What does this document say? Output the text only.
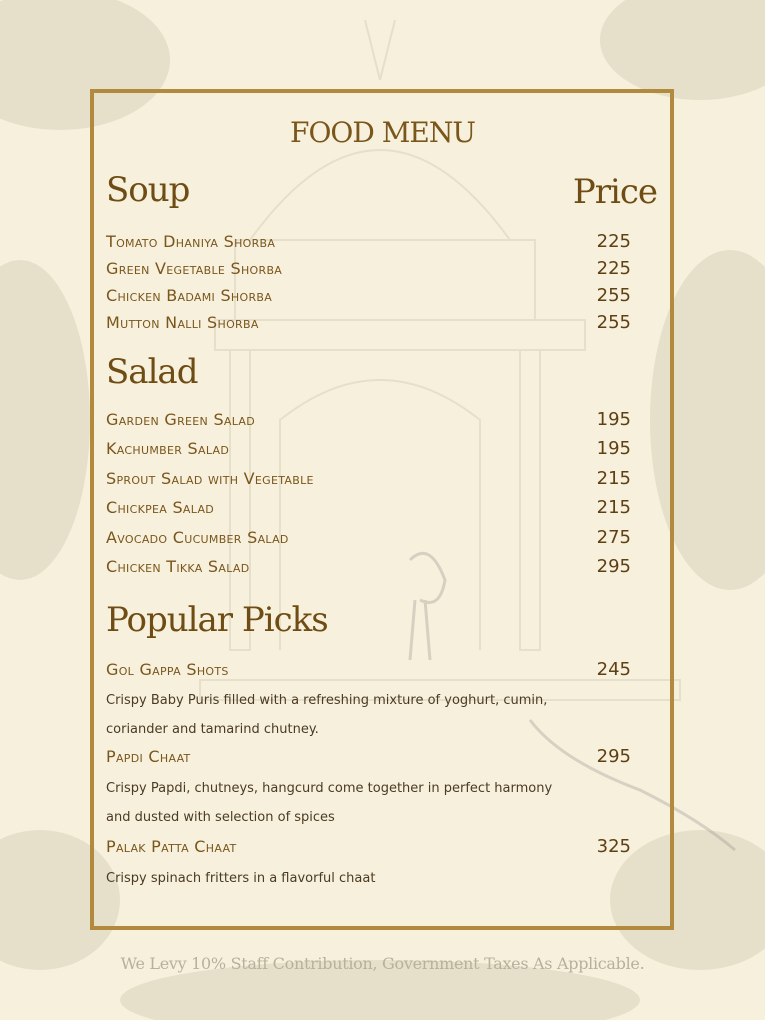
FOOD MENU
Soup	Price
Tomato Dhaniya Shorba	225
Green Vegetable Shorba	225
Chicken Badami Shorba	255
Mutton Nalli Shorba	255
Salad
Garden Green Salad	195
Kachumber Salad	195
Sprout Salad with Vegetable	215
Chickpea Salad	215
Avocado Cucumber Salad	275
Chicken Tikka Salad	295
Popular Picks
Gol Gappa Shots	245
Crispy Baby Puris filled with a refreshing mixture of yoghurt, cumin, coriander and tamarind chutney.
Papdi Chaat	295
Crispy Papdi, chutneys, hangcurd come together in perfect harmony and dusted with selection of spices
Palak Patta Chaat	325
Crispy spinach fritters in a flavorful chaat
We Levy 10% Staff Contribution, Government Taxes As Applicable.
